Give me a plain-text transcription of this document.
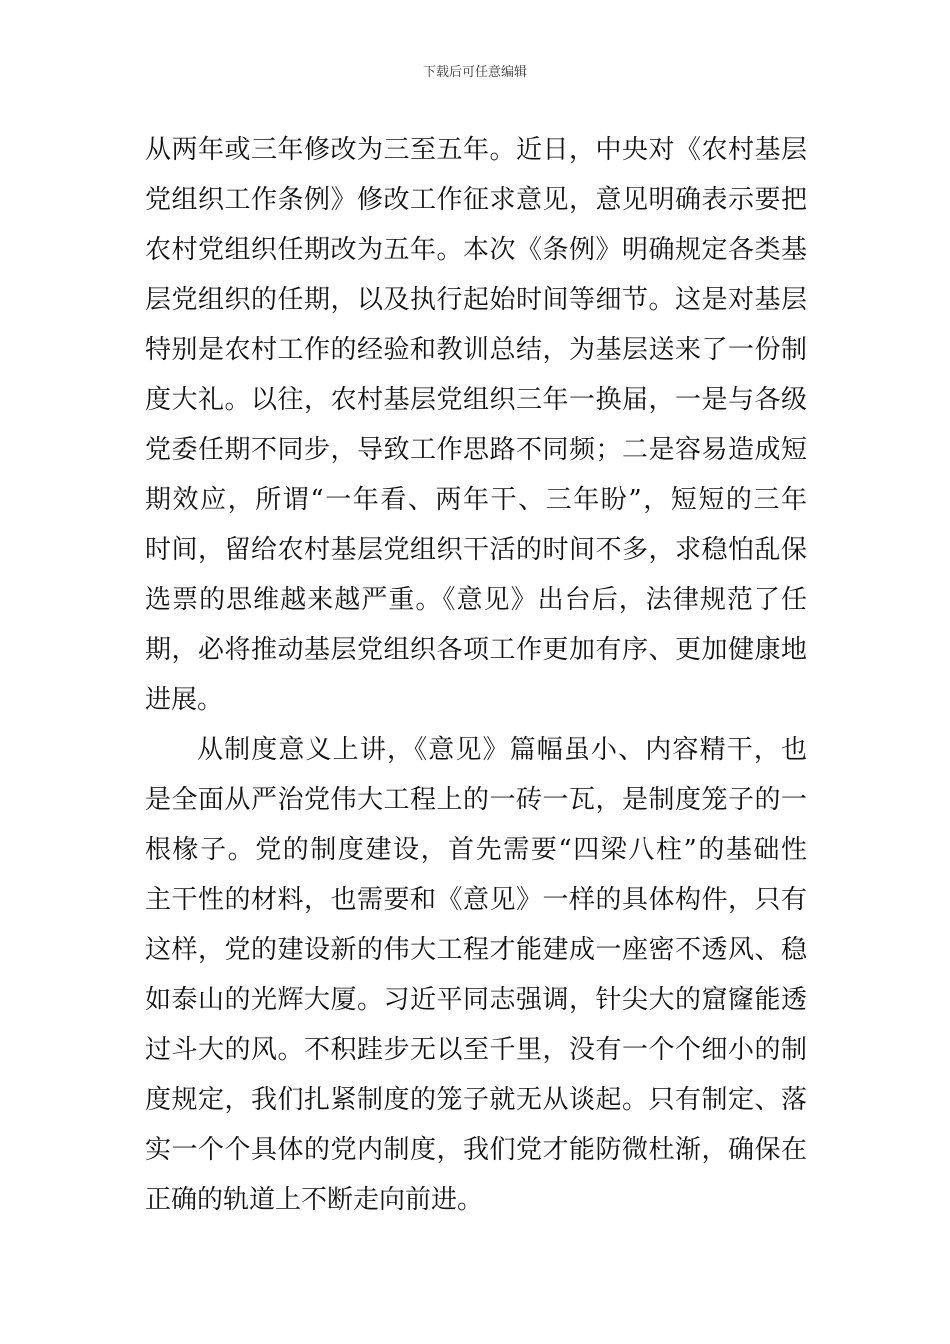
下载后可任意编辑
从两年或三年修改为三至五年。近日，中央对《农村基层
党组织工作条例》修改工作征求意见，意见明确表示要把
农村党组织任期改为五年。本次《条例》明确规定各类基
层党组织的任期，以及执行起始时间等细节。这是对基层
特别是农村工作的经验和教训总结，为基层送来了一份制
度大礼。以往，农村基层党组织三年一换届，一是与各级
党委任期不同步，导致工作思路不同频；二是容易造成短
期效应，所谓“一年看、两年干、三年盼”，短短的三年
时间，留给农村基层党组织干活的时间不多，求稳怕乱保
选票的思维越来越严重。《意见》出台后，法律规范了任
期，必将推动基层党组织各项工作更加有序、更加健康地
进展。
从制度意义上讲，《意见》篇幅虽小、内容精干，也
是全面从严治党伟大工程上的一砖一瓦，是制度笼子的一
根椽子。党的制度建设，首先需要“四梁八柱”的基础性
主干性的材料，也需要和《意见》一样的具体构件，只有
这样，党的建设新的伟大工程才能建成一座密不透风、稳
如泰山的光辉大厦。习近平同志强调，针尖大的窟窿能透
过斗大的风。不积跬步无以至千里，没有一个个细小的制
度规定，我们扎紧制度的笼子就无从谈起。只有制定、落
实一个个具体的党内制度，我们党才能防微杜渐，确保在
正确的轨道上不断走向前进。
